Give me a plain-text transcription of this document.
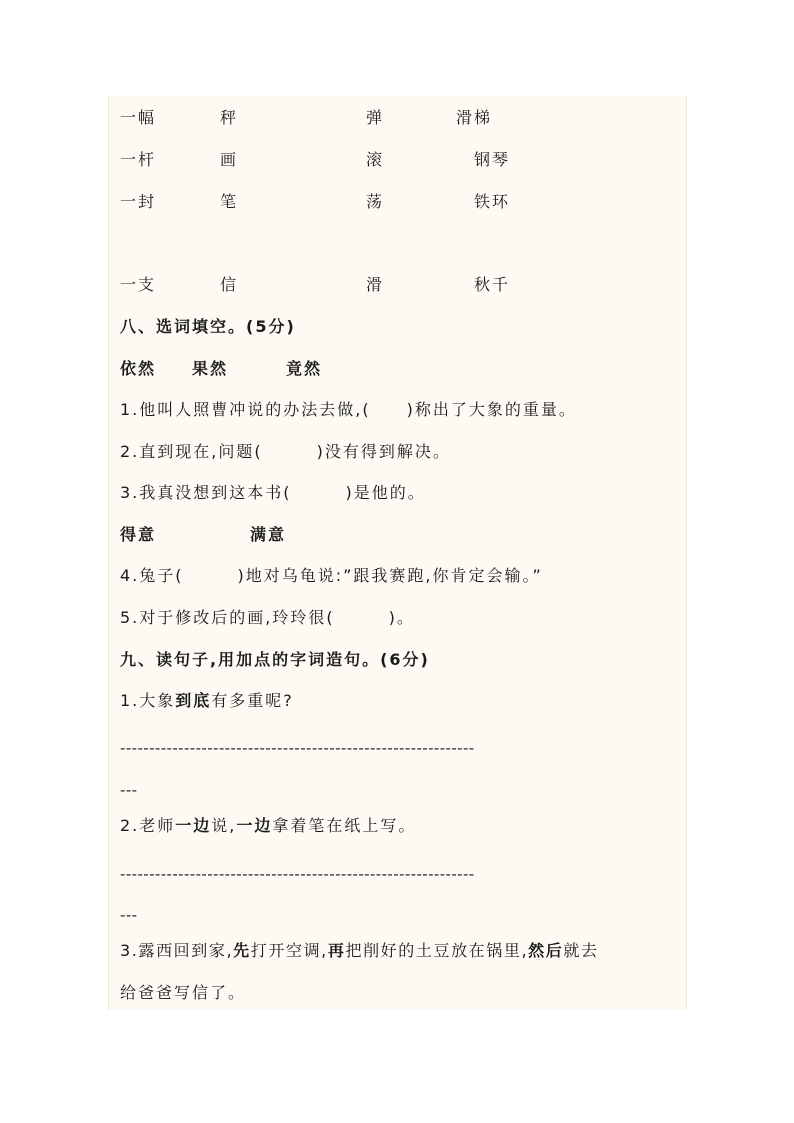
一幅	秤	弹	滑梯
一杆	画	滚	钢琴
一封	笔	荡	铁环
一支	信	滑	秋千
八、选词填空。(5分)
依然 果然	竟然
1.他叫人照曹冲说的办法去做,(　　)称出了大象的重量。
2.直到现在,问题(　　　)没有得到解决。
3.我真没想到这本书(　　　)是他的。
得意	满意
4.兔子(　　　)地对乌龟说:”跟我赛跑,你肯定会输。”
5.对于修改后的画,玲玲很(　　　)。
九、读句子,用加点的字词造句。(6分)
1.大象到底有多重呢?
-------------------------------------------------------------
---
2.老师一边说,一边拿着笔在纸上写。
-------------------------------------------------------------
---
3.露西回到家,先打开空调,再把削好的土豆放在锅里,然后就去
给爸爸写信了。
